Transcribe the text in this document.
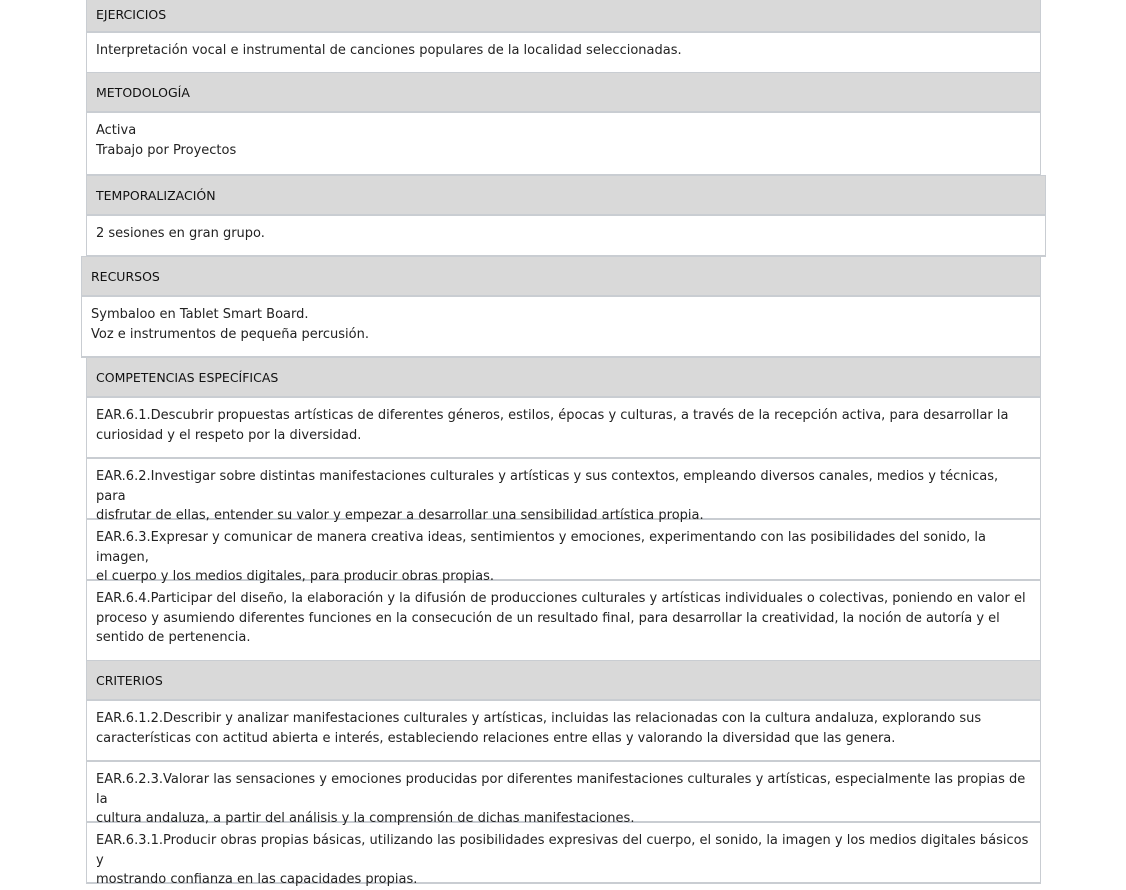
EJERCICIOS
Interpretación vocal e instrumental de canciones populares de la localidad seleccionadas.
METODOLOGÍA
Activa
Trabajo por Proyectos
TEMPORALIZACIÓN
2 sesiones en gran grupo.
RECURSOS
Symbaloo en Tablet Smart Board.
Voz e instrumentos de pequeña percusión.
COMPETENCIAS ESPECÍFICAS
EAR.6.1.Descubrir propuestas artísticas de diferentes géneros, estilos, épocas y culturas, a través de la recepción activa, para desarrollar la
curiosidad y el respeto por la diversidad.
EAR.6.2.Investigar sobre distintas manifestaciones culturales y artísticas y sus contextos, empleando diversos canales, medios y técnicas, para
disfrutar de ellas, entender su valor y empezar a desarrollar una sensibilidad artística propia.
EAR.6.3.Expresar y comunicar de manera creativa ideas, sentimientos y emociones, experimentando con las posibilidades del sonido, la imagen,
el cuerpo y los medios digitales, para producir obras propias.
EAR.6.4.Participar del diseño, la elaboración y la difusión de producciones culturales y artísticas individuales o colectivas, poniendo en valor el
proceso y asumiendo diferentes funciones en la consecución de un resultado final, para desarrollar la creatividad, la noción de autoría y el
sentido de pertenencia.
CRITERIOS
EAR.6.1.2.Describir y analizar manifestaciones culturales y artísticas, incluidas las relacionadas con la cultura andaluza, explorando sus
características con actitud abierta e interés, estableciendo relaciones entre ellas y valorando la diversidad que las genera.
EAR.6.2.3.Valorar las sensaciones y emociones producidas por diferentes manifestaciones culturales y artísticas, especialmente las propias de la
cultura andaluza, a partir del análisis y la comprensión de dichas manifestaciones.
EAR.6.3.1.Producir obras propias básicas, utilizando las posibilidades expresivas del cuerpo, el sonido, la imagen y los medios digitales básicos y
mostrando confianza en las capacidades propias.
